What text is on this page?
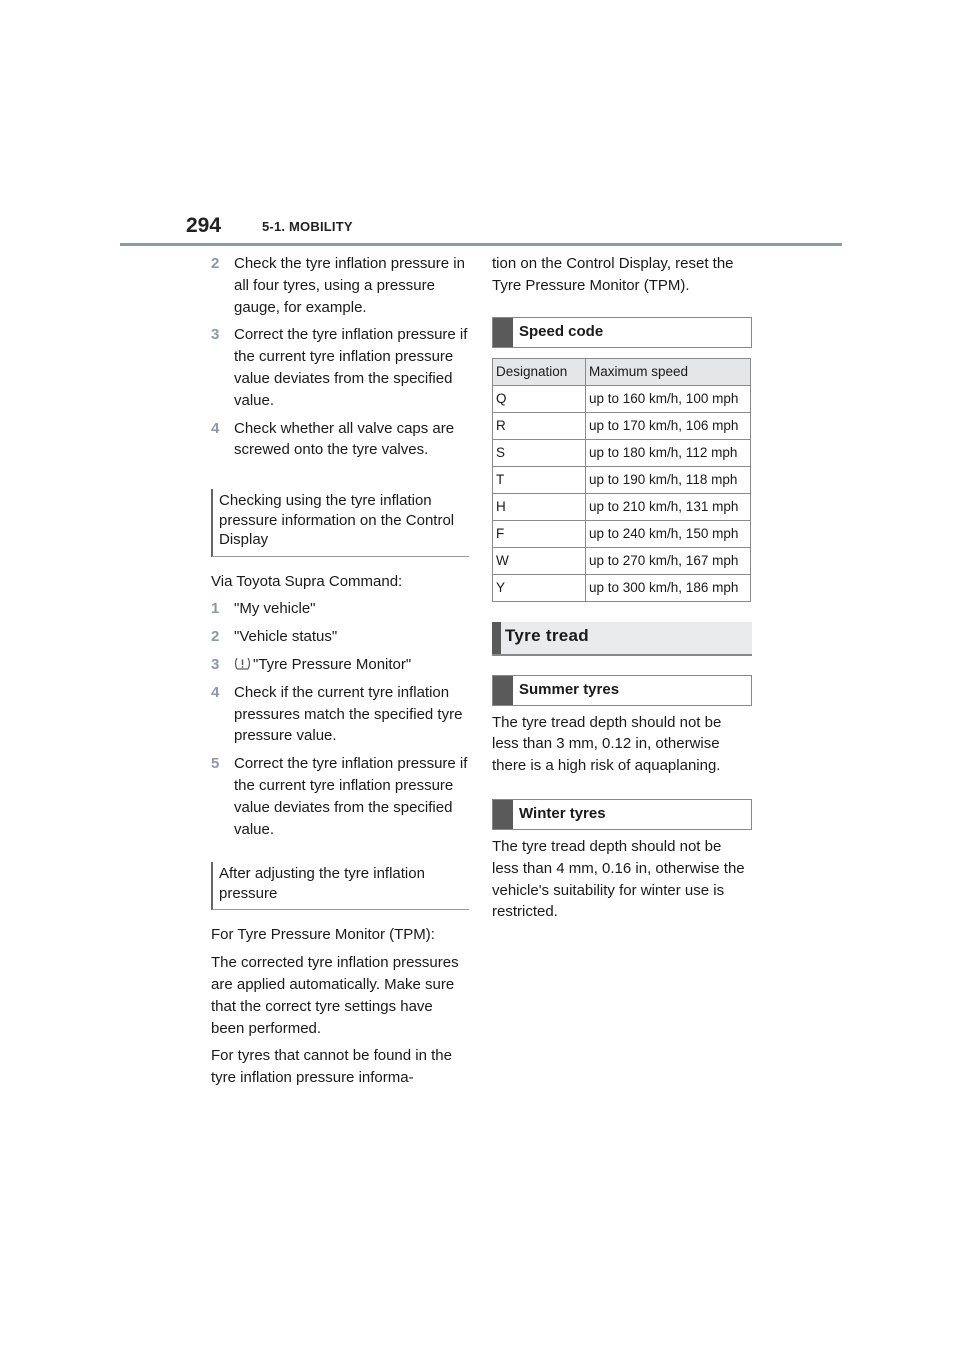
294	5-1. MOBILITY
2 Check the tyre inflation pressure in all four tyres, using a pressure gauge, for example.
3 Correct the tyre inflation pressure if the current tyre inflation pressure value deviates from the specified value.
4 Check whether all valve caps are screwed onto the tyre valves.
Checking using the tyre inflation pressure information on the Control Display
Via Toyota Supra Command:
1 "My vehicle"
2 "Vehicle status"
3 "Tyre Pressure Monitor"
4 Check if the current tyre inflation pressures match the specified tyre pressure value.
5 Correct the tyre inflation pressure if the current tyre inflation pressure value deviates from the specified value.
After adjusting the tyre inflation pressure
For Tyre Pressure Monitor (TPM):
The corrected tyre inflation pressures are applied automatically. Make sure that the correct tyre settings have been performed.
For tyres that cannot be found in the tyre inflation pressure informa-
tion on the Control Display, reset the Tyre Pressure Monitor (TPM).
Speed code
Designation	Maximum speed
Q	up to 160 km/h, 100 mph
R	up to 170 km/h, 106 mph
S	up to 180 km/h, 112 mph
T	up to 190 km/h, 118 mph
H	up to 210 km/h, 131 mph
F	up to 240 km/h, 150 mph
W	up to 270 km/h, 167 mph
Y	up to 300 km/h, 186 mph
Tyre tread
Summer tyres
The tyre tread depth should not be less than 3 mm, 0.12 in, otherwise there is a high risk of aquaplaning.
Winter tyres
The tyre tread depth should not be less than 4 mm, 0.16 in, otherwise the vehicle's suitability for winter use is restricted.
